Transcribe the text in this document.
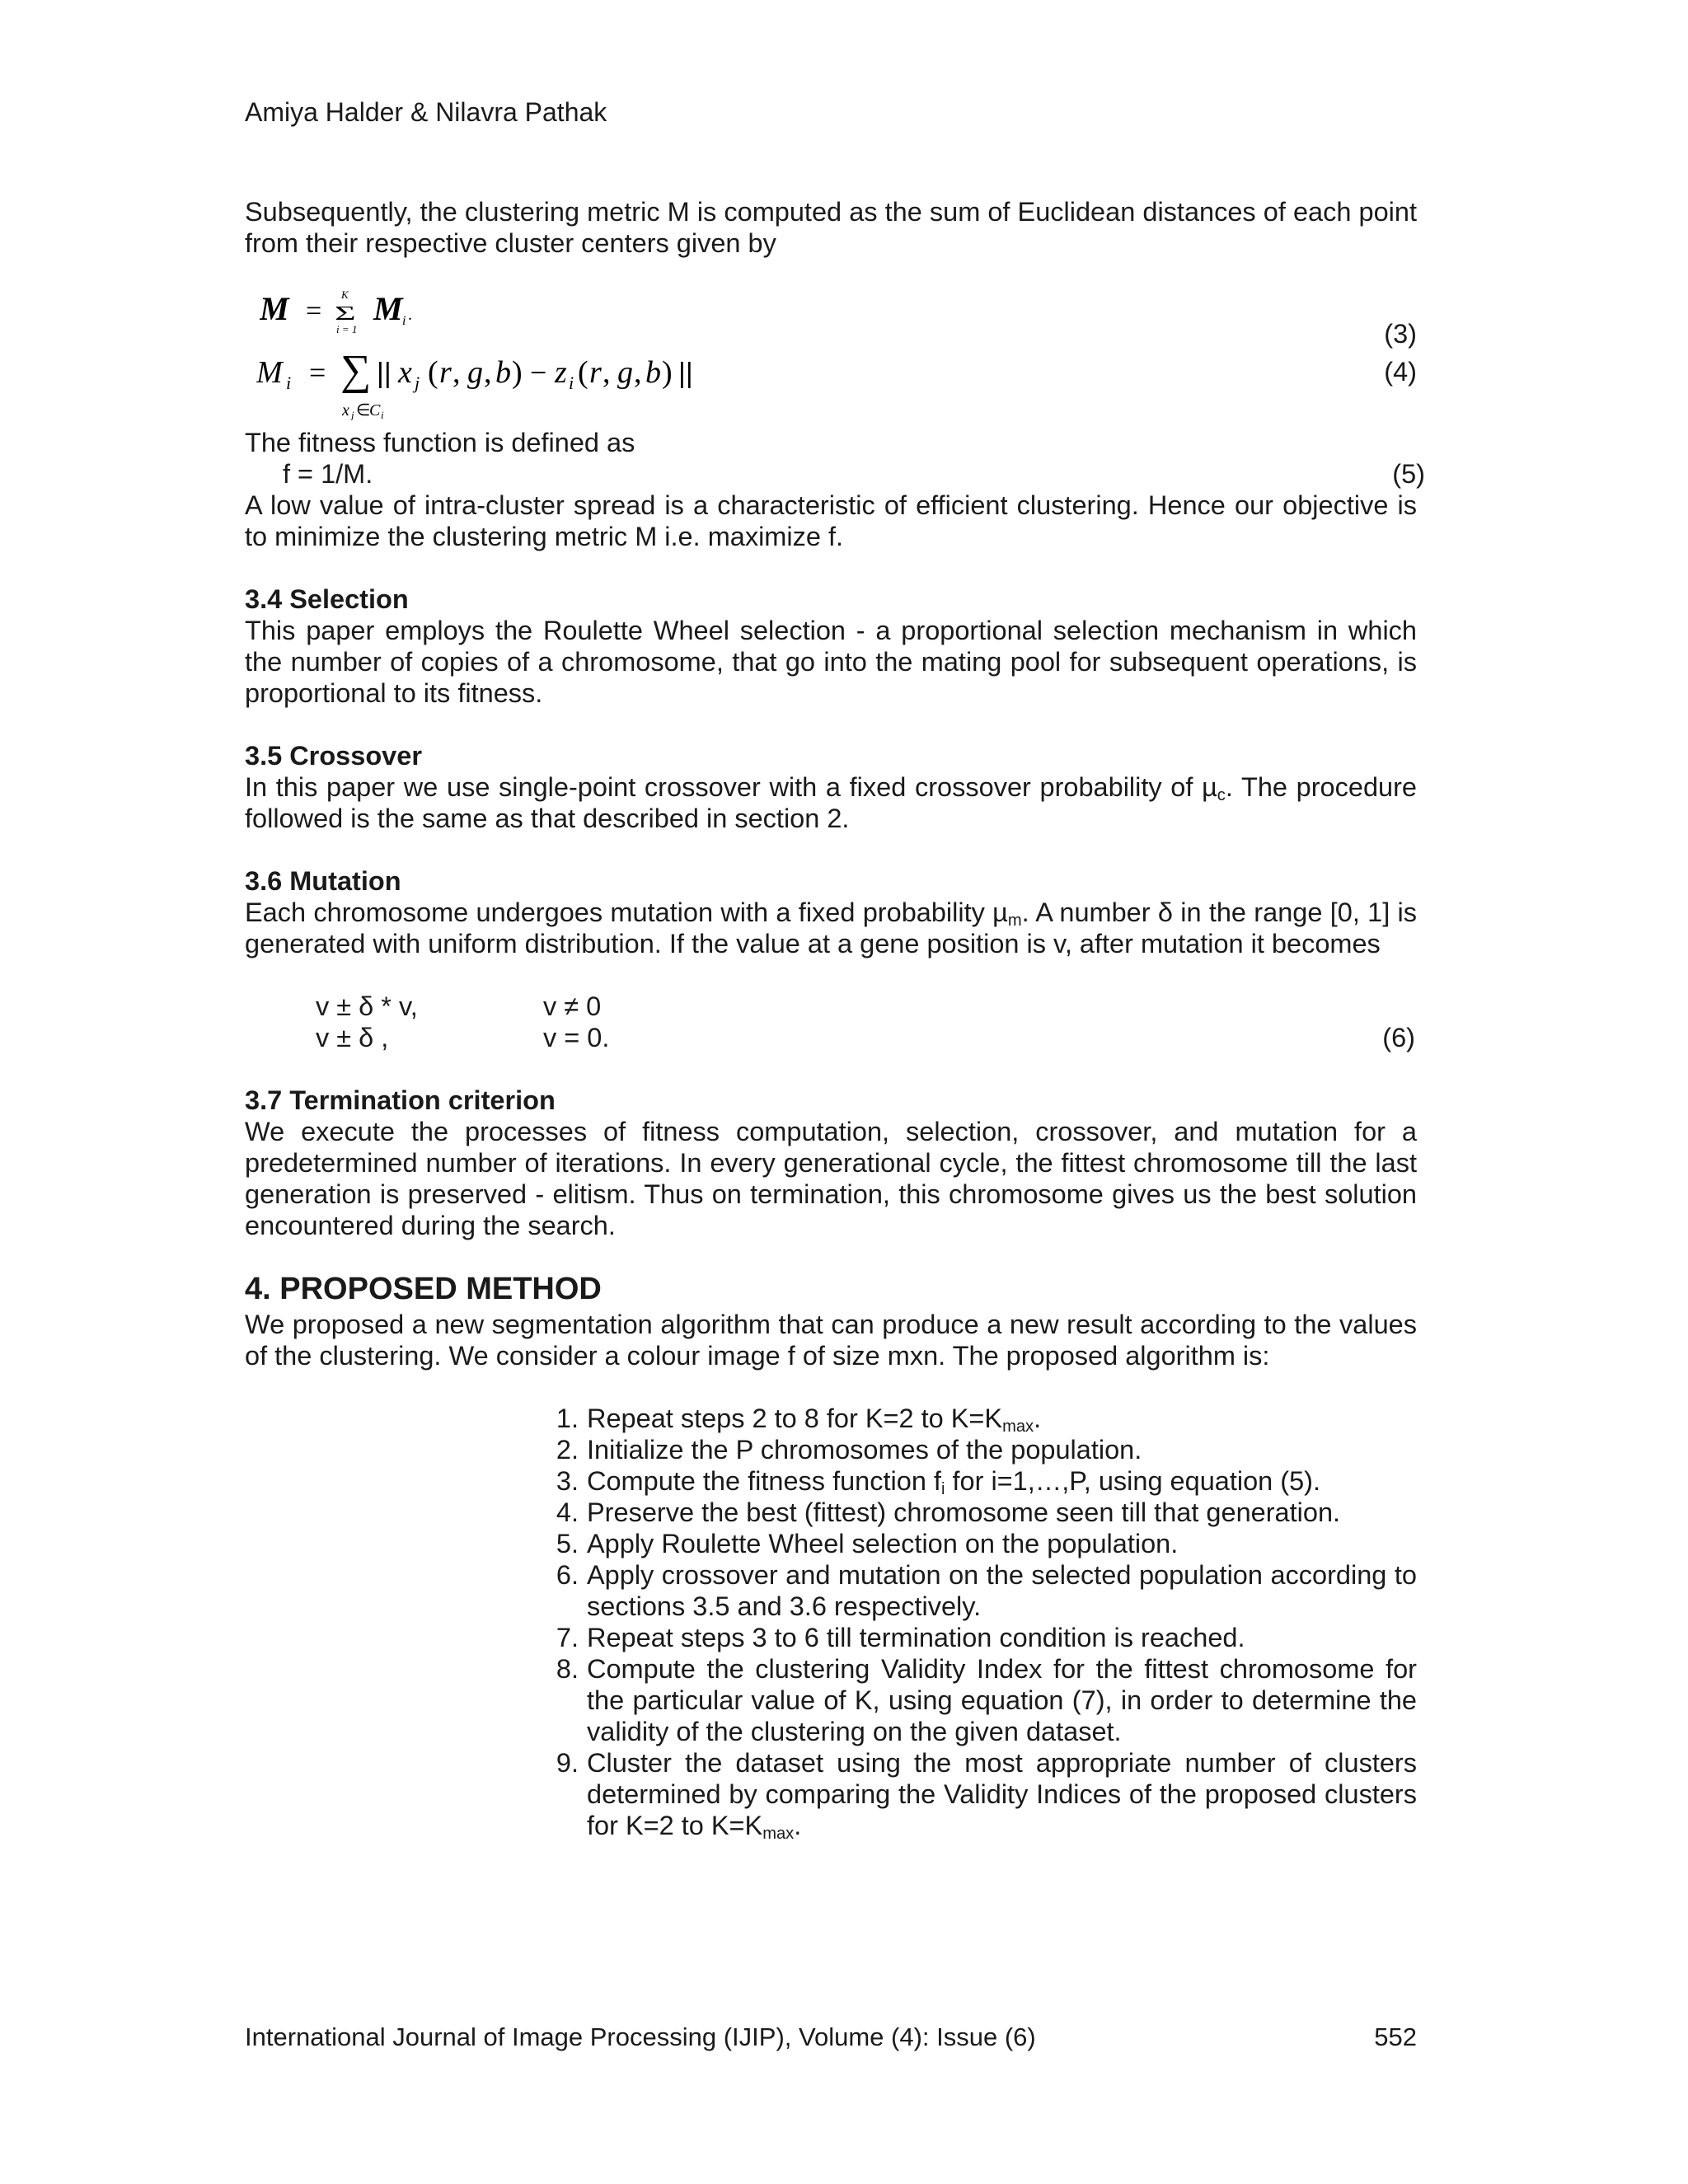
Amiya Halder & Nilavra Pathak
Subsequently, the clustering metric M is computed as the sum of Euclidean distances of each point from their respective cluster centers given by
M =
K
Σ
i = 1
M i .
(3)
M i = ∑
x j ∈
C i
|| x j ( r , g , b ) − z i ( r , g , b ) ||	(4)
The fitness function is defined as
f = 1/M.	(5)
A low value of intra-cluster spread is a characteristic of efficient clustering. Hence our objective is to minimize the clustering metric M i.e. maximize f.
3.4 Selection
This paper employs the Roulette Wheel selection - a proportional selection mechanism in which the number of copies of a chromosome, that go into the mating pool for subsequent operations, is proportional to its fitness.
3.5 Crossover
In this paper we use single-point crossover with a fixed crossover probability of µ$_c$. The procedure followed is the same as that described in section 2.
3.6 Mutation
Each chromosome undergoes mutation with a fixed probability µ$_m$. A number δ in the range [0, 1] is generated with uniform distribution. If the value at a gene position is v, after mutation it becomes
v ± δ * v,	v ≠ 0
v ± δ ,	v = 0.	(6)
3.7 Termination criterion
We execute the processes of fitness computation, selection, crossover, and mutation for a predetermined number of iterations. In every generational cycle, the fittest chromosome till the last generation is preserved - elitism. Thus on termination, this chromosome gives us the best solution encountered during the search.
4. PROPOSED METHOD
We proposed a new segmentation algorithm that can produce a new result according to the values of the clustering. We consider a colour image f of size mxn. The proposed algorithm is:
1. Repeat steps 2 to 8 for K=2 to $K=K_{max}$.
2. Initialize the P chromosomes of the population.
3. Compute the fitness function $f_i$ for i=1,…,P, using equation (5).
4. Preserve the best (fittest) chromosome seen till that generation.
5. Apply Roulette Wheel selection on the population.
6. Apply crossover and mutation on the selected population according to sections 3.5 and 3.6 respectively.
7. Repeat steps 3 to 6 till termination condition is reached.
8. Compute the clustering Validity Index for the fittest chromosome for the particular value of K, using equation (7), in order to determine the validity of the clustering on the given dataset.
9. Cluster the dataset using the most appropriate number of clusters determined by comparing the Validity Indices of the proposed clusters for K=2 to $K=K_{max}$.
International Journal of Image Processing (IJIP), Volume (4): Issue (6)	552
